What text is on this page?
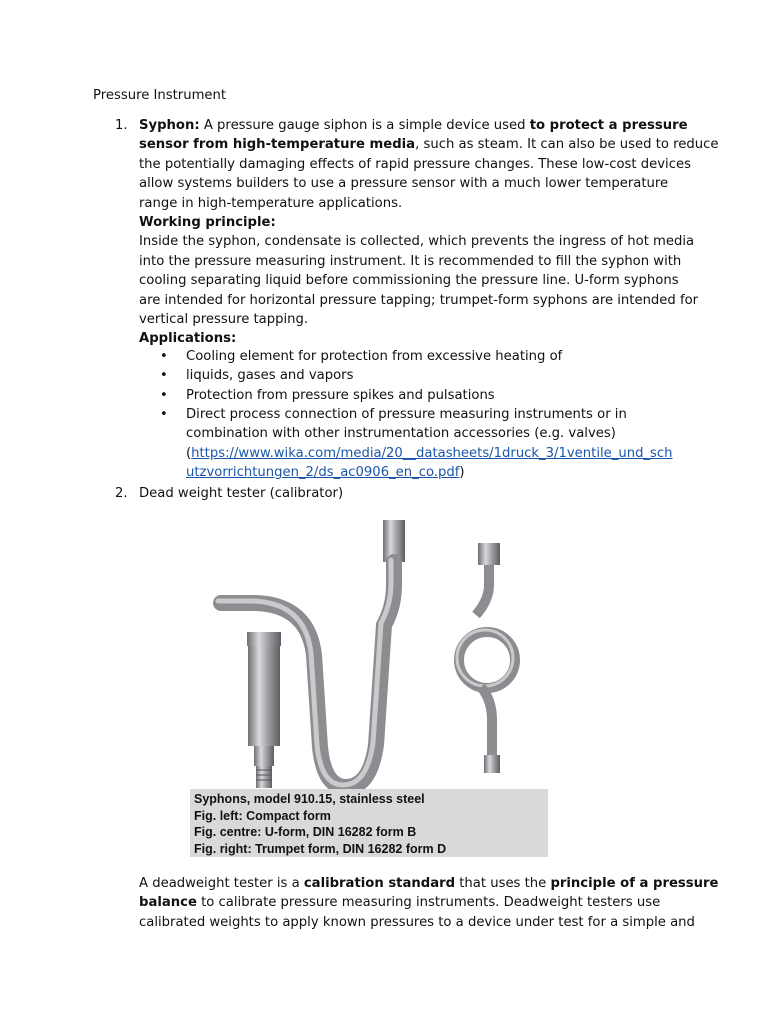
Pressure Instrument
1. Syphon: A pressure gauge siphon is a simple device used to protect a pressure
sensor from high-temperature media, such as steam. It can also be used to reduce
the potentially damaging effects of rapid pressure changes. These low-cost devices
allow systems builders to use a pressure sensor with a much lower temperature
range in high-temperature applications.
Working principle:
Inside the syphon, condensate is collected, which prevents the ingress of hot media
into the pressure measuring instrument. It is recommended to fill the syphon with
cooling separating liquid before commissioning the pressure line. U-form syphons
are intended for horizontal pressure tapping; trumpet-form syphons are intended for
vertical pressure tapping.
Applications:
• Cooling element for protection from excessive heating of
• liquids, gases and vapors
• Protection from pressure spikes and pulsations
• Direct process connection of pressure measuring instruments or in
combination with other instrumentation accessories (e.g. valves)
(https://www.wika.com/media/20__datasheets/1druck_3/1ventile_und_sch
utzvorrichtungen_2/ds_ac0906_en_co.pdf)
2. Dead weight tester (calibrator)
Syphons, model 910.15, stainless steel
Fig. left: Compact form
Fig. centre: U-form, DIN 16282 form B
Fig. right: Trumpet form, DIN 16282 form D
A deadweight tester is a calibration standard that uses the principle of a pressure
balance to calibrate pressure measuring instruments. Deadweight testers use
calibrated weights to apply known pressures to a device under test for a simple and
